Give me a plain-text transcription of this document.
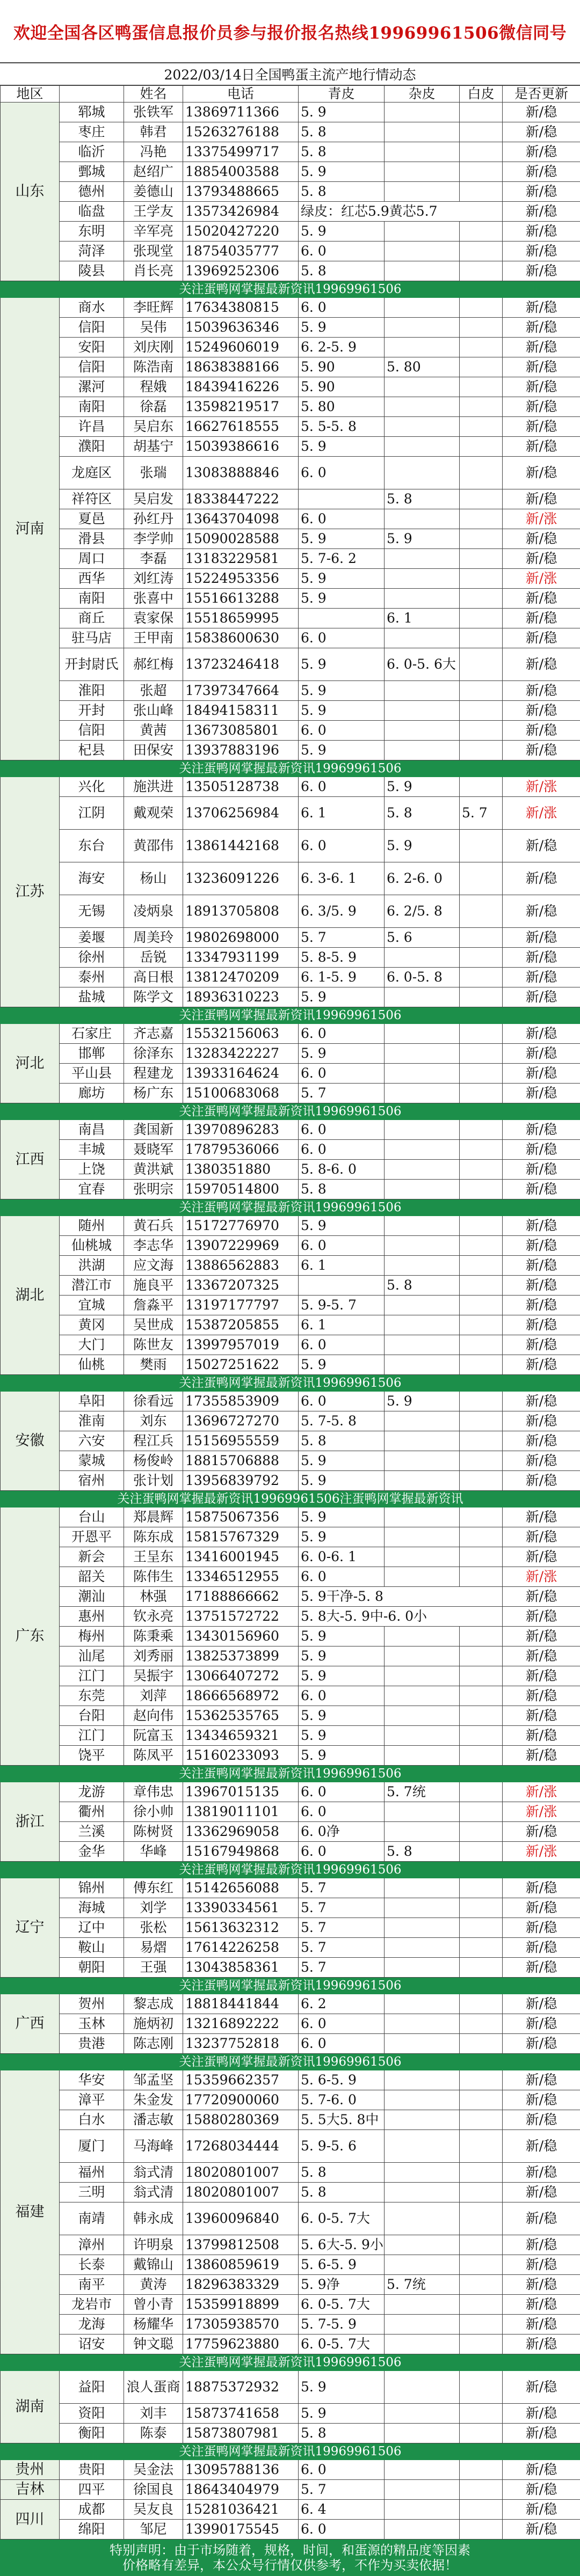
欢迎全国各区鸭蛋信息报价员参与报价报名热线19969961506微信同号
2022/03/14日全国鸭蛋主流产地行情动态
地区		姓名	电话	青皮	杂皮	白皮	是否更新
山东	郓城	张铁军	13869711366	5. 9			新/稳
	枣庄	韩君	15263276188	5. 8			新/稳
	临沂	冯艳	13375499717	5. 8			新/稳
	鄄城	赵绍广	18854003588	5. 9			新/稳
	德州	姜德山	13793488665	5. 8			新/稳
	临盘	王学友	13573426984	绿皮：红芯5.9黄芯5.7			新/稳
	东明	辛军亮	15020427220	5. 9			新/稳
	菏泽	张现堂	18754035777	6. 0			新/稳
	陵县	肖长亮	13969252306	5. 8			新/稳
关注蛋鸭网掌握最新资讯19969961506							
河南	商水	李旺辉	17634380815	6. 0			新/稳
	信阳	吴伟	15039636346	5. 9			新/稳
	安阳	刘庆刚	15249606019	6. 2-5. 9			新/稳
	信阳	陈浩南	18638388166	5. 90	5. 80		新/稳
	漯河	程娥	18439416226	5. 90			新/稳
	南阳	徐磊	13598219517	5. 80			新/稳
	许昌	吴启东	16627618555	5. 5-5. 8			新/稳
	濮阳	胡基宁	15039386616	5. 9			新/稳
	龙庭区	张瑞	13083888846	6. 0			新/稳
	祥符区	吴启发	18338447222		5. 8		新/稳
	夏邑	孙红丹	13643704098	6. 0			新/涨
	滑县	李学帅	15090028588	5. 9	5. 9		新/稳
	周口	李磊	13183229581	5. 7-6. 2			新/稳
	西华	刘红涛	15224953356	5. 9			新/涨
	南阳	张喜中	15516613288	5. 9			新/稳
	商丘	袁家保	15518659995		6. 1		新/稳
	驻马店	王甲南	15838600630	6. 0			新/稳
	开封尉氏	郝红梅	13723246418	5. 9	6. 0-5. 6大		新/稳
	淮阳	张超	17397347664	5. 9			新/稳
	开封	张山峰	18494158311	5. 9			新/稳
	信阳	黄茜	13673085801	6. 0			新/稳
	杞县	田保安	13937883196	5. 9			新/稳
关注蛋鸭网掌握最新资讯19969961506							
江苏	兴化	施洪进	13505128738	6. 0	5. 9		新/涨
	江阴	戴观荣	13706256984	6. 1	5. 8	5. 7	新/涨
	东台	黄邵伟	13861442168	6. 0	5. 9		新/稳
	海安	杨山	13236091226	6. 3-6. 1	6. 2-6. 0		新/稳
	无锡	凌炳泉	18913705808	6. 3/5. 9	6. 2/5. 8		新/稳
	姜堰	周美玲	19802698000	5. 7	5. 6		新/稳
	徐州	岳锐	13347931199	5. 8-5. 9			新/稳
	泰州	高日根	13812470209	6. 1-5. 9	6. 0-5. 8		新/稳
	盐城	陈学文	18936310223	5. 9			新/稳
关注蛋鸭网掌握最新资讯19969961506							
河北	石家庄	齐志嘉	15532156063	6. 0			新/稳
	邯郸	徐泽东	13283422227	5. 9			新/稳
	平山县	程建龙	13933164624	6. 0			新/稳
	廊坊	杨广东	15100683068	5. 7			新/稳
关注蛋鸭网掌握最新资讯19969961506							
江西	南昌	龚国新	13970896283	6. 0			新/稳
	丰城	聂晓军	17879536066	6. 0			新/稳
	上饶	黄洪斌	1380351880	5. 8-6. 0			新/稳
	宜春	张明宗	15970514800	5. 8			新/稳
关注蛋鸭网掌握最新资讯19969961506							
湖北	随州	黄石兵	15172776970	5. 9			新/稳
	仙桃城	李志华	13907229969	6. 0			新/稳
	洪湖	应文海	13886562883	6. 1			新/稳
	潜江市	施良平	13367207325		5. 8		新/稳
	宜城	詹淼平	13197177797	5. 9-5. 7			新/稳
	黄冈	吴世成	15387205855	6. 1			新/稳
	大门	陈世友	13997957019	6. 0			新/稳
	仙桃	樊雨	15027251622	5. 9			新/稳
关注蛋鸭网掌握最新资讯19969961506							
安徽	阜阳	徐看远	17355853909	6. 0	5. 9		新/稳
	淮南	刘东	13696727270	5. 7-5. 8			新/稳
	六安	程江兵	15156955559	5. 8			新/稳
	蒙城	杨俊岭	18815706888	5. 9			新/稳
	宿州	张计划	13956839792	5. 9			新/稳
关注蛋鸭网掌握最新资讯19969961506注蛋鸭网掌握最新资讯							
广东	台山	郑晨辉	15875067356	5. 9			新/稳
	开恩平	陈东成	15815767329	5. 9			新/稳
	新会	王呈东	13416001945	6. 0-6. 1			新/稳
	韶关	陈伟生	13346512955	6. 0			新/涨
	潮汕	林强	17188866662	5. 9干净-5. 8			新/稳
	惠州	钦永亮	13751572722	5. 8大-5. 9中-6. 0小			新/稳
	梅州	陈秉乘	13430156960	5. 9			新/稳
	汕尾	刘秀丽	13825373899	5. 9			新/稳
	江门	吴振宇	13066407272	5. 9			新/稳
	东莞	刘萍	18666568972	6. 0			新/稳
	台阳	赵向伟	15362535765	5. 9			新/稳
	江门	阮富玉	13434659321	5. 9			新/稳
	饶平	陈凤平	15160233093	5. 9			新/稳
关注蛋鸭网掌握最新资讯19969961506							
浙江	龙游	章伟忠	13967015135	6. 0	5. 7统		新/涨
	衢州	徐小帅	13819011101	6. 0			新/涨
	兰溪	陈树贤	13362969058	6. 0净			新/稳
	金华	华峰	15167949868	6. 0	5. 8		新/涨
关注蛋鸭网掌握最新资讯19969961506							
辽宁	锦州	傅东红	15142656088	5. 7			新/稳
	海城	刘学	13390334561	5. 7			新/稳
	辽中	张松	15613632312	5. 7			新/稳
	鞍山	易熠	17614226258	5. 7			新/稳
	朝阳	王强	13043858361	5. 7			新/稳
关注蛋鸭网掌握最新资讯19969961506							
广西	贺州	黎志成	18818441844	6. 2			新/稳
	玉林	施炳初	13216892222	6. 0			新/稳
	贵港	陈志刚	13237752818	6. 0			新/稳
关注蛋鸭网掌握最新资讯19969961506							
福建	华安	邹孟坚	15359662357	5. 6-5. 9			新/稳
	漳平	朱金发	17720900060	5. 7-6. 0			新/稳
	白水	潘志敏	15880280369	5. 5大5. 8中			新/稳
	厦门	马海峰	17268034444	5. 9-5. 6			新/稳
	福州	翁式清	18020801007	5. 8			新/稳
	三明	翁式清	18020801007	5. 8			新/稳
	南靖	韩永成	13960096840	6. 0-5. 7大			新/稳
	漳州	许明泉	13799812508	5. 6大-5. 9小			新/稳
	长泰	戴锦山	13860859619	5. 6-5. 9			新/稳
	南平	黄涛	18296383329	5. 9净	5. 7统		新/稳
	龙岩市	曾小青	15359918899	6. 0-5. 7大			新/稳
	龙海	杨耀华	17305938570	5. 7-5. 9			新/稳
	诏安	钟文聪	17759623880	6. 0-5. 7大			新/稳
关注蛋鸭网掌握最新资讯19969961506							
湖南	益阳	浪人蛋商	18875372932	5. 9			新/稳
	资阳	刘丰	15873741658	5. 9			新/稳
	衡阳	陈泰	15873807981	5. 8			新/稳
关注蛋鸭网掌握最新资讯19969961506							
贵州	贵阳	吴金法	13095788136	6. 0			新/稳
吉林	四平	徐国良	18643404979	5. 7			新/稳
四川	成都	吴友良	15281036421	6. 4			新/稳
	绵阳	邹尼	13990175545	6. 0			新/稳
特别声明：由于市场随着，规格，时间，和蛋源的精品度等因素
价格略有差异，本公众号行情仅供参考，不作为买卖依据！
